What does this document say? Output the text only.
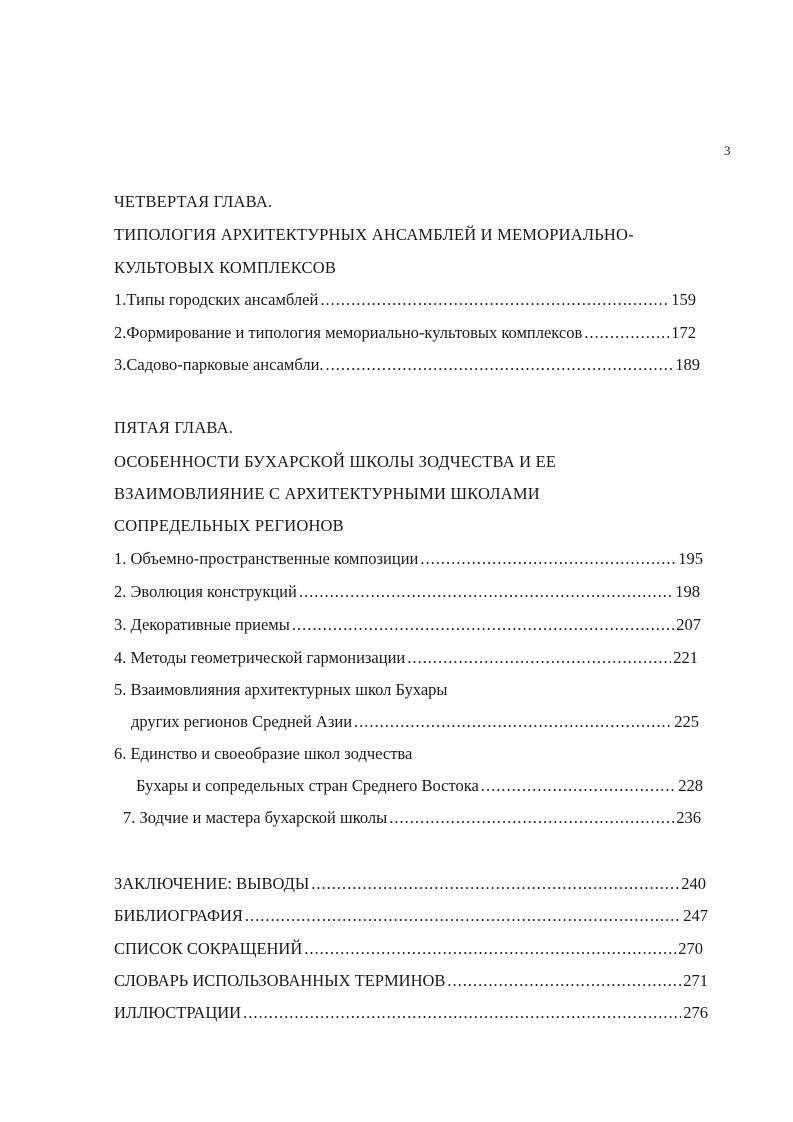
3
ЧЕТВЕРТАЯ ГЛАВА.
ТИПОЛОГИЯ АРХИТЕКТУРНЫХ АНСАМБЛЕЙ И МЕМОРИАЛЬНО-
КУЛЬТОВЫХ КОМПЛЕКСОВ
1.Типы городских ансамблей .....	159
2.Формирование и типология мемориально-культовых комплексов .....	172
3.Садово-парковые ансамбли. .....	189
ПЯТАЯ ГЛАВА.
ОСОБЕННОСТИ БУХАРСКОЙ ШКОЛЫ ЗОДЧЕСТВА И ЕЕ
ВЗАИМОВЛИЯНИЕ С АРХИТЕКТУРНЫМИ ШКОЛАМИ
СОПРЕДЕЛЬНЫХ РЕГИОНОВ
1. Объемно-пространственные композиции .....	195
2. Эволюция конструкций .....	198
3. Декоративные приемы .....	207
4. Методы геометрической гармонизации .....	221
5. Взаимовлияния архитектурных школ Бухары
других регионов Средней Азии .....	225
6. Единство и своеобразие школ зодчества
Бухары и сопредельных стран Среднего Востока .....	228
7. Зодчие и мастера бухарской школы .....	236
ЗАКЛЮЧЕНИЕ: ВЫВОДЫ .....	240
БИБЛИОГРАФИЯ .....	247
СПИСОК СОКРАЩЕНИЙ .....	270
СЛОВАРЬ ИСПОЛЬЗОВАННЫХ ТЕРМИНОВ .....	271
ИЛЛЮСТРАЦИИ .....	276
